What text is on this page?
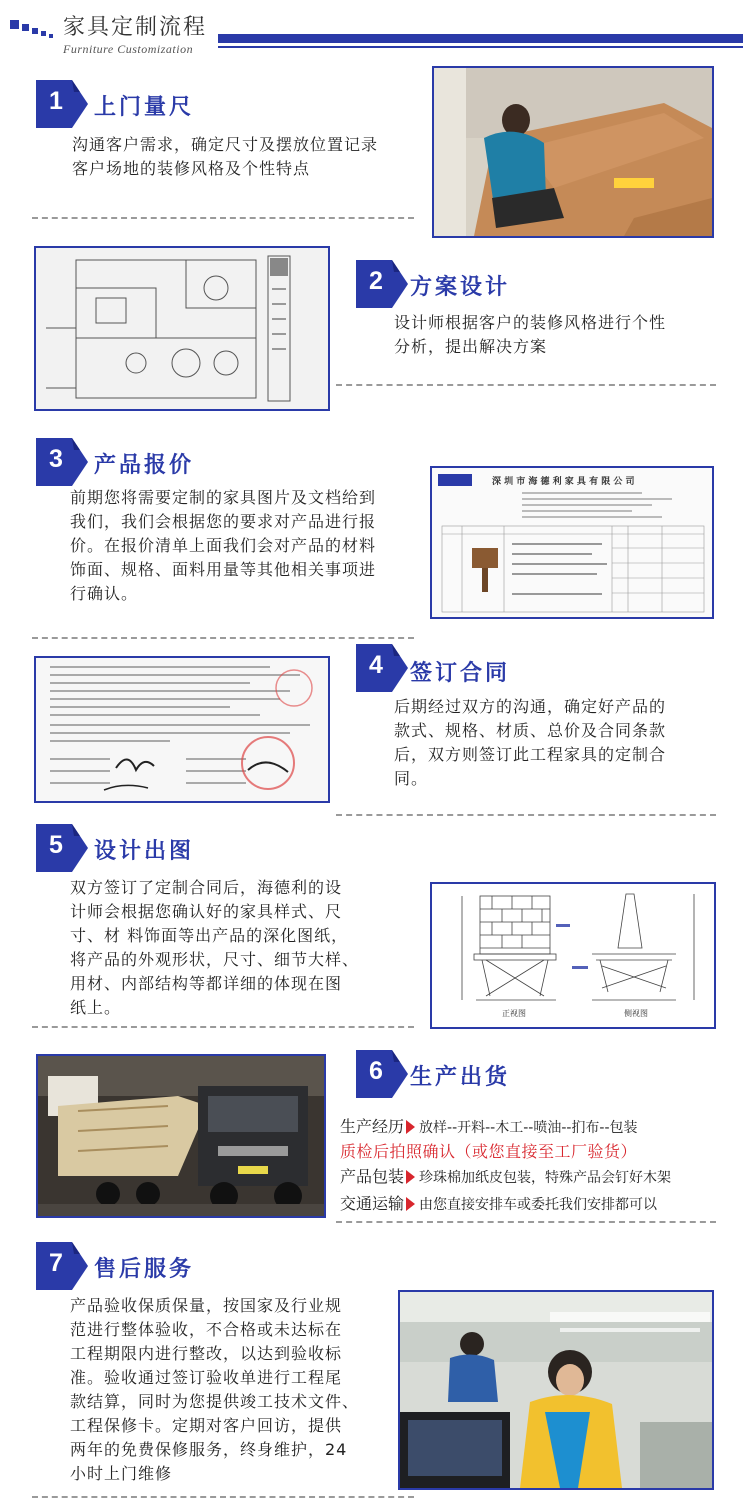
家具定制流程
Furniture Customization
1	上门量尺
沟通客户需求，确定尺寸及摆放位置记录
客户场地的装修风格及个性特点
2	方案设计
设计师根据客户的装修风格进行个性
分析，提出解决方案
3	产品报价
前期您将需要定制的家具图片及文档给到
我们，我们会根据您的要求对产品进行报
价。在报价清单上面我们会对产品的材料
饰面、规格、面料用量等其他相关事项进
行确认。
深 圳 市 海 德 利 家 具 有 限 公 司
4	签订合同
后期经过双方的沟通，确定好产品的
款式、规格、材质、总价及合同条款
后，双方则签订此工程家具的定制合
同。
5	设计出图
双方签订了定制合同后，海德利的设
计师会根据您确认好的家具样式、尺
寸、材 料饰面等出产品的深化图纸，
将产品的外观形状，尺寸、细节大样、
用材、内部结构等都详细的体现在图
纸上。	正视图	侧视图
6	生产出货
生产经历 放样--开料--木工--喷油--扪布--包装
质检后拍照确认（或您直接至工厂验货）
产品包装 珍珠棉加纸皮包装，特殊产品会钉好木架
交通运输 由您直接安排车或委托我们安排都可以
7	售后服务
产品验收保质保量，按国家及行业规
范进行整体验收，不合格或未达标在
工程期限内进行整改，以达到验收标
准。验收通过签订验收单进行工程尾
款结算，同时为您提供竣工技术文件、
工程保修卡。定期对客户回访，提供
两年的免费保修服务，终身维护，24
小时上门维修
